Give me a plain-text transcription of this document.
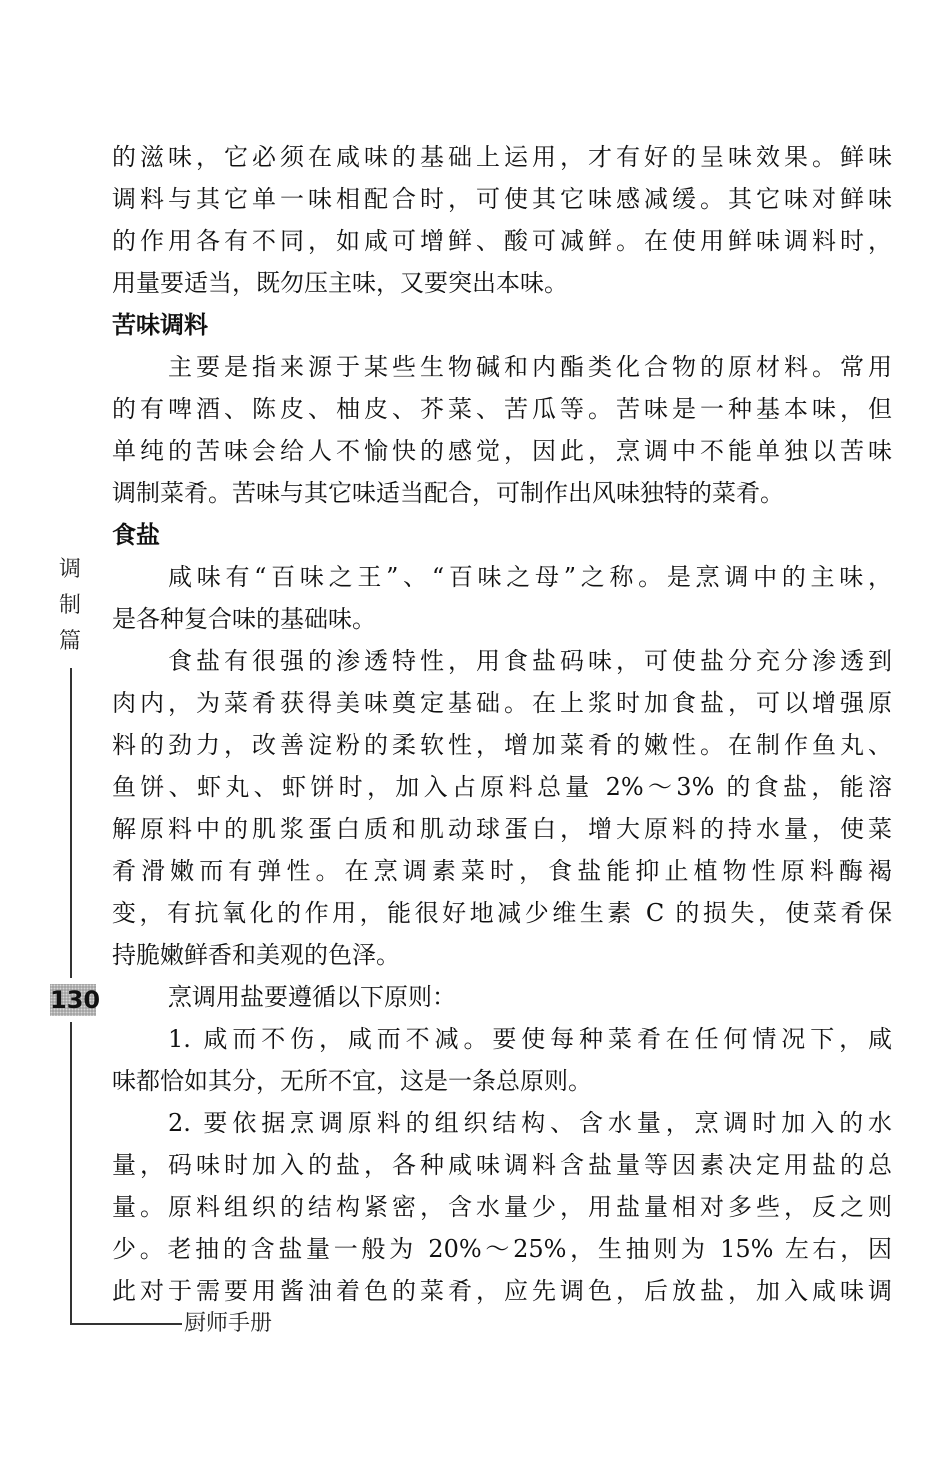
的滋味，它必须在咸味的基础上运用，才有好的呈味效果。鲜味
调料与其它单一味相配合时，可使其它味感减缓。其它味对鲜味
的作用各有不同，如咸可增鲜、酸可减鲜。在使用鲜味调料时，
用量要适当，既勿压主味，又要突出本味。
苦味调料
主要是指来源于某些生物碱和内酯类化合物的原材料。常用
的有啤酒、陈皮、柚皮、芥菜、苦瓜等。苦味是一种基本味，但
单纯的苦味会给人不愉快的感觉，因此，烹调中不能单独以苦味
调制菜肴。苦味与其它味适当配合，可制作出风味独特的菜肴。
食盐
咸味有“百味之王”、“百味之母”之称。是烹调中的主味，
是各种复合味的基础味。
食盐有很强的渗透特性，用食盐码味，可使盐分充分渗透到
肉内，为菜肴获得美味奠定基础。在上浆时加食盐，可以增强原
料的劲力，改善淀粉的柔软性，增加菜肴的嫩性。在制作鱼丸、
鱼饼、虾丸、虾饼时，加入占原料总量 2%～3% 的食盐，能溶
解原料中的肌浆蛋白质和肌动球蛋白，增大原料的持水量，使菜
肴滑嫩而有弹性。在烹调素菜时，食盐能抑止植物性原料酶褐
变，有抗氧化的作用，能很好地减少维生素 C 的损失，使菜肴保
持脆嫩鲜香和美观的色泽。
烹调用盐要遵循以下原则：
1. 咸而不伤，咸而不减。要使每种菜肴在任何情况下，咸
味都恰如其分，无所不宜，这是一条总原则。
2. 要依据烹调原料的组织结构、含水量，烹调时加入的水
量，码味时加入的盐，各种咸味调料含盐量等因素决定用盐的总
量。原料组织的结构紧密，含水量少，用盐量相对多些，反之则
少。老抽的含盐量一般为 20%～25%，生抽则为 15% 左右，因
此对于需要用酱油着色的菜肴，应先调色，后放盐，加入咸味调
调
制
篇
130
厨师手册
